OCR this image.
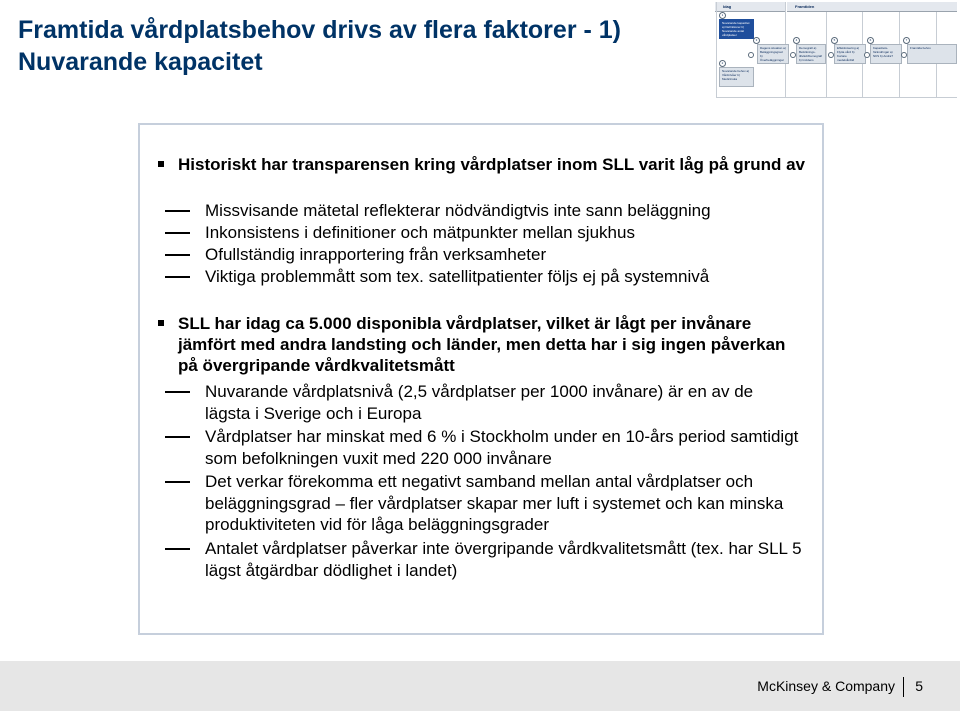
Framtida vårdplatsbehov drivs av flera faktorer - 1) Nuvarande kapacitet
Idag	Framtiden
1
Nuvarande kapacitet a) Definitioner b) Nuvarande antal vårdplatser
2
Nuvarande behov a) Vårdnivåer b) Medicinska
3
Dagens situation a) Beläggningsgrad b) Överbeläggningar c) Satellitpatienter
4
Demografi a) Befolknings-tillväxt/Demografi b) Incidens
5
Effektivisering a) Flytta vård b) Kortare medelvårdtid
6
Kapacitets-förändringar a) NKS b) Andra?
7
Framtida behov
Historiskt har transparensen kring vårdplatser inom SLL varit låg på grund av
Missvisande mätetal reflekterar nödvändigtvis inte sann beläggning
Inkonsistens i definitioner och mätpunkter mellan sjukhus
Ofullständig inrapportering från verksamheter
Viktiga problemmått som tex. satellitpatienter följs ej på systemnivå
SLL har idag ca 5.000 disponibla vårdplatser, vilket är lågt per invånare jämfört med andra landsting och länder, men detta har i sig ingen påverkan på övergripande vårdkvalitetsmått
Nuvarande vårdplatsnivå (2,5 vårdplatser per 1000 invånare) är en av de lägsta i Sverige och i Europa
Vårdplatser har minskat med 6 % i Stockholm under en 10-års period samtidigt som befolkningen vuxit med 220 000 invånare
Det verkar förekomma ett negativt samband mellan antal vårdplatser och beläggningsgrad – fler vårdplatser skapar mer luft i systemet och kan minska produktiviteten vid för låga beläggningsgrader
Antalet vårdplatser påverkar inte övergripande vårdkvalitetsmått (tex. har SLL 5 lägst åtgärdbar dödlighet i landet)
McKinsey & Company 5
